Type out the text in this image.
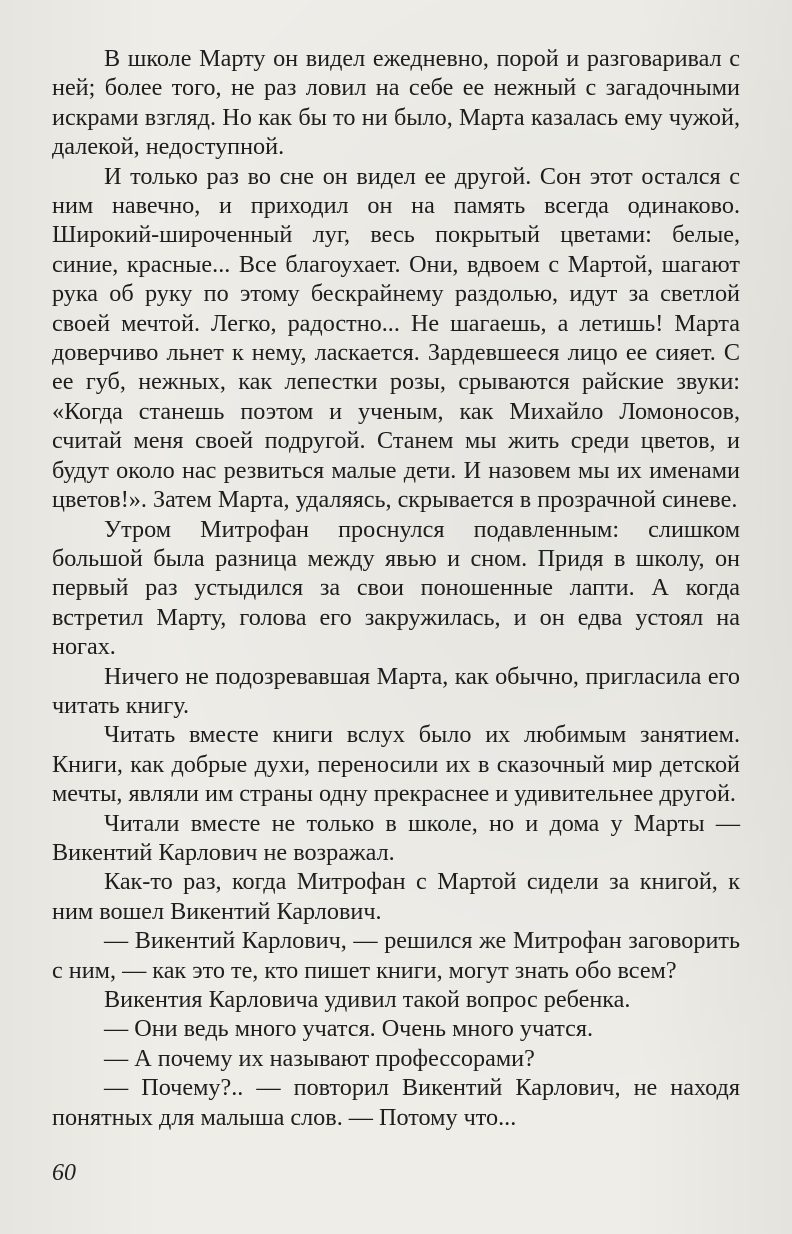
В школе Марту он видел ежедневно, порой и разговаривал с ней; более того, не раз ловил на себе ее нежный с загадочными искрами взгляд. Но как бы то ни было, Марта казалась ему чужой, далекой, недоступной.

И только раз во сне он видел ее другой. Сон этот остался с ним навечно, и приходил он на память всегда одинаково. Широкий-широченный луг, весь покрытый цветами: белые, синие, красные... Все благоухает. Они, вдвоем с Мартой, шагают рука об руку по этому бескрайнему раздолью, идут за светлой своей мечтой. Легко, радостно... Не шагаешь, а летишь! Марта доверчиво льнет к нему, ласкается. Зардевшееся лицо ее сияет. С ее губ, нежных, как лепестки розы, срываются райские звуки: «Когда станешь поэтом и ученым, как Михайло Ломоносов, считай меня своей подругой. Станем мы жить среди цветов, и будут около нас резвиться малые дети. И назовем мы их именами цветов!». Затем Марта, удаляясь, скрывается в прозрачной синеве.

Утром Митрофан проснулся подавленным: слишком большой была разница между явью и сном. Придя в школу, он первый раз устыдился за свои поношенные лапти. А когда встретил Марту, голова его закружилась, и он едва устоял на ногах.

Ничего не подозревавшая Марта, как обычно, пригласила его читать книгу.

Читать вместе книги вслух было их любимым занятием. Книги, как добрые духи, переносили их в сказочный мир детской мечты, являли им страны одну прекраснее и удивительнее другой.

Читали вместе не только в школе, но и дома у Марты — Викентий Карлович не возражал.

Как-то раз, когда Митрофан с Мартой сидели за книгой, к ним вошел Викентий Карлович.

— Викентий Карлович, — решился же Митрофан заговорить с ним, — как это те, кто пишет книги, могут знать обо всем?

Викентия Карловича удивил такой вопрос ребенка.

— Они ведь много учатся. Очень много учатся.

— А почему их называют профессорами?

— Почему?.. — повторил Викентий Карлович, не находя понятных для малыша слов. — Потому что...

60
